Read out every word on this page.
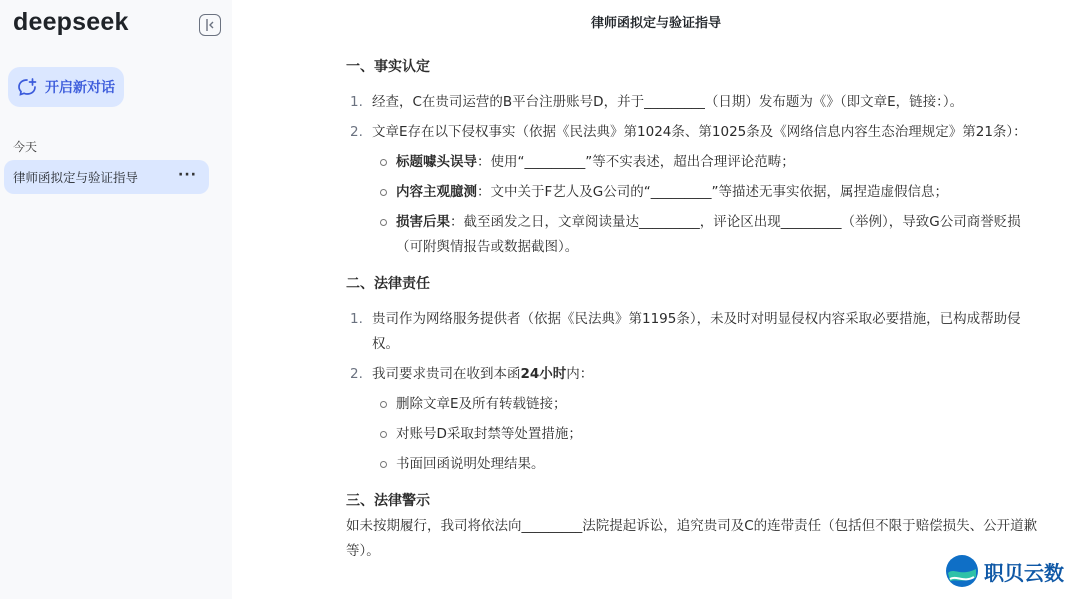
deepseek
开启新对话
今天
律师函拟定与验证指导	···
律师函拟定与验证指导

一、事实认定

1. 经查，C在贵司运营的B平台注册账号D，并于_________（日期）发布题为《》（即文章E，链接：）。
2. 文章E存在以下侵权事实（依据《民法典》第1024条、第1025条及《网络信息内容生态治理规定》第21条）：
标题噱头误导：使用“_________”等不实表述，超出合理评论范畴；
内容主观臆测：文中关于F艺人及G公司的“_________”等描述无事实依据，属捏造虚假信息；
损害后果：截至函发之日，文章阅读量达_________，评论区出现_________（举例），导致G公司商誉贬损（可附舆情报告或数据截图）。

二、法律责任

1. 贵司作为网络服务提供者（依据《民法典》第1195条），未及时对明显侵权内容采取必要措施，已构成帮助侵权。
2. 我司要求贵司在收到本函24小时内：
删除文章E及所有转载链接；
对账号D采取封禁等处置措施；
书面回函说明处理结果。

三、法律警示

如未按期履行，我司将依法向_________法院提起诉讼，追究贵司及C的连带责任（包括但不限于赔偿损失、公开道歉等）。

职贝云数
